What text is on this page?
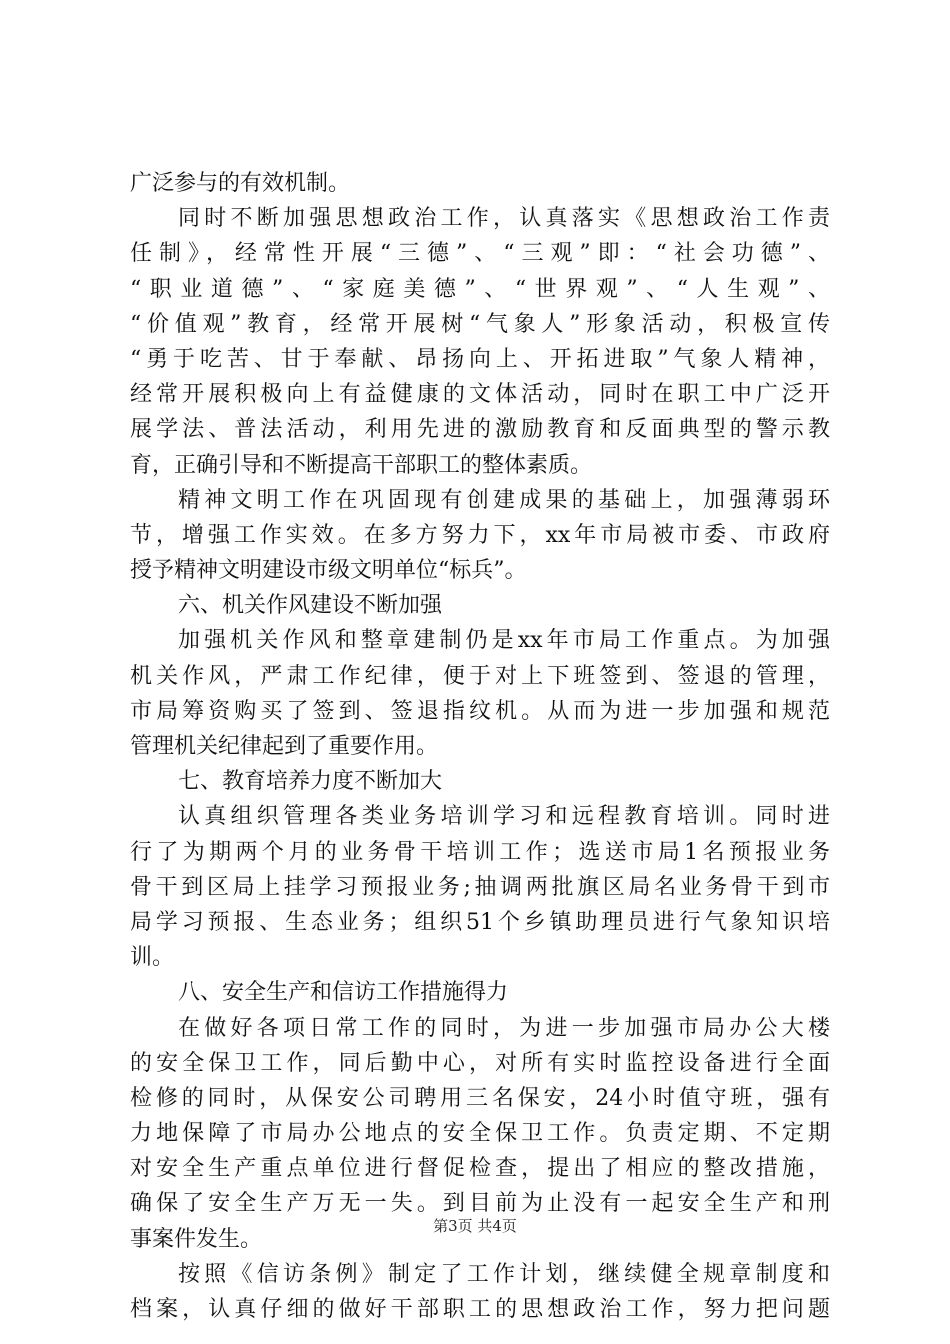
广泛参与的有效机制。
同时不断加强思想政治工作，认真落实《思想政治工作责
任制》，经常性开展“三德”、“三观”即：“社会功德”、
“职业道德”、“家庭美德”、“世界观”、“人生观”、
“价值观”教育，经常开展树“气象人”形象活动，积极宣传
“勇于吃苦、甘于奉献、昂扬向上、开拓进取”气象人精神，
经常开展积极向上有益健康的文体活动，同时在职工中广泛开
展学法、普法活动，利用先进的激励教育和反面典型的警示教
育，正确引导和不断提高干部职工的整体素质。
精神文明工作在巩固现有创建成果的基础上，加强薄弱环
节，增强工作实效。在多方努力下，xx年市局被市委、市政府
授予精神文明建设市级文明单位“标兵”。
六、机关作风建设不断加强
加强机关作风和整章建制仍是xx年市局工作重点。为加强
机关作风，严肃工作纪律，便于对上下班签到、签退的管理，
市局筹资购买了签到、签退指纹机。从而为进一步加强和规范
管理机关纪律起到了重要作用。
七、教育培养力度不断加大
认真组织管理各类业务培训学习和远程教育培训。同时进
行了为期两个月的业务骨干培训工作；选送市局1名预报业务
骨干到区局上挂学习预报业务;抽调两批旗区局名业务骨干到市
局学习预报、生态业务；组织51个乡镇助理员进行气象知识培
训。
八、安全生产和信访工作措施得力
在做好各项日常工作的同时，为进一步加强市局办公大楼
的安全保卫工作，同后勤中心，对所有实时监控设备进行全面
检修的同时，从保安公司聘用三名保安，24小时值守班，强有
力地保障了市局办公地点的安全保卫工作。负责定期、不定期
对安全生产重点单位进行督促检查，提出了相应的整改措施，
确保了安全生产万无一失。到目前为止没有一起安全生产和刑
事案件发生。
按照《信访条例》制定了工作计划，继续健全规章制度和
档案，认真仔细的做好干部职工的思想政治工作，努力把问题
第3页 共4页
